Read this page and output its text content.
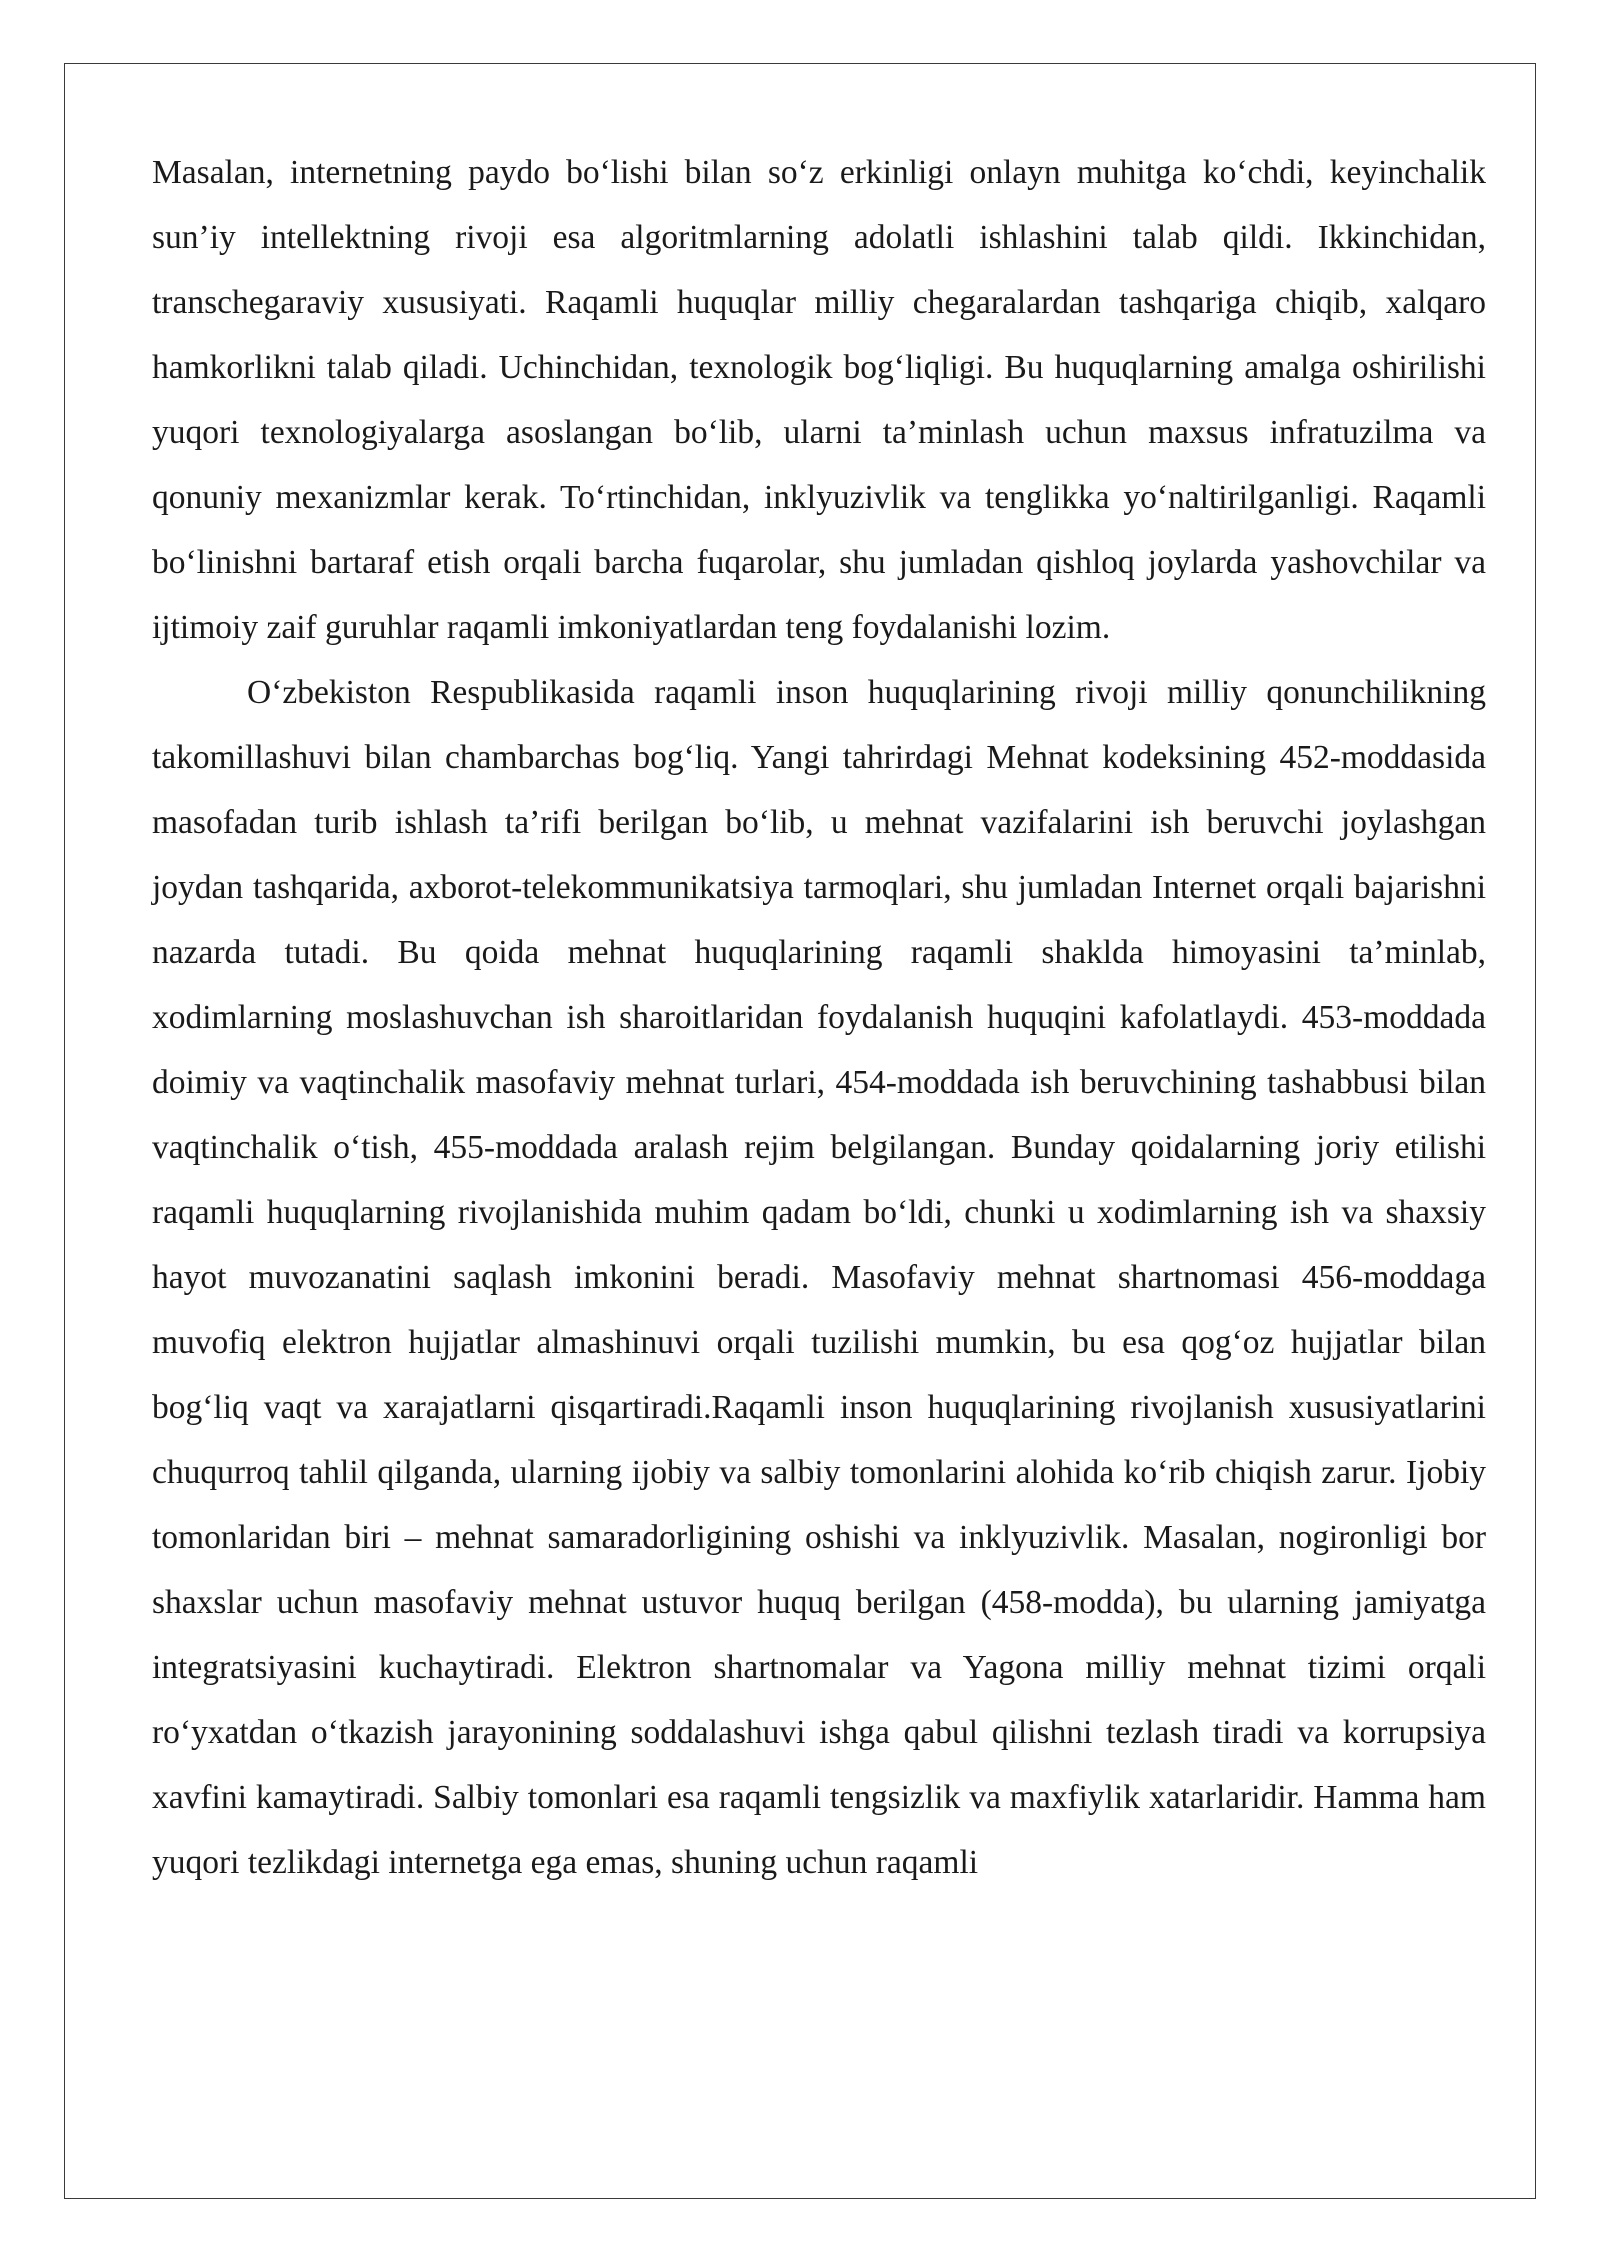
Masalan, internetning paydo bo‘lishi bilan so‘z erkinligi onlayn muhitga ko‘chdi, keyinchalik sun’iy intellektning rivoji esa algoritmlarning adolatli ishlashini talab qildi. Ikkinchidan, transchegaraviy xususiyati. Raqamli huquqlar milliy chegaralardan tashqariga chiqib, xalqaro hamkorlikni talab qiladi. Uchinchidan, texnologik bog‘liqligi. Bu huquqlarning amalga oshirilishi yuqori texnologiyalarga asoslangan bo‘lib, ularni ta’minlash uchun maxsus infratuzilma va qonuniy mexanizmlar kerak. To‘rtinchidan, inklyuzivlik va tenglikka yo‘naltirilganligi. Raqamli bo‘linishni bartaraf etish orqali barcha fuqarolar, shu jumladan qishloq joylarda yashovchilar va ijtimoiy zaif guruhlar raqamli imkoniyatlardan teng foydalanishi lozim.

O‘zbekiston Respublikasida raqamli inson huquqlarining rivoji milliy qonunchilikning takomillashuvi bilan chambarchas bog‘liq. Yangi tahrirdagi Mehnat kodeksining 452-moddasida masofadan turib ishlash ta’rifi berilgan bo‘lib, u mehnat vazifalarini ish beruvchi joylashgan joydan tashqarida, axborot-telekommunikatsiya tarmoqlari, shu jumladan Internet orqali bajarishni nazarda tutadi. Bu qoida mehnat huquqlarining raqamli shaklda himoyasini ta’minlab, xodimlarning moslashuvchan ish sharoitlaridan foydalanish huquqini kafolatlaydi. 453-moddada doimiy va vaqtinchalik masofaviy mehnat turlari, 454-moddada ish beruvchining tashabbusi bilan vaqtinchalik o‘tish, 455-moddada aralash rejim belgilangan. Bunday qoidalarning joriy etilishi raqamli huquqlarning rivojlanishida muhim qadam bo‘ldi, chunki u xodimlarning ish va shaxsiy hayot muvozanatini saqlash imkonini beradi. Masofaviy mehnat shartnomasi 456-moddaga muvofiq elektron hujjatlar almashinuvi orqali tuzilishi mumkin, bu esa qog‘oz hujjatlar bilan bog‘liq vaqt va xarajatlarni qisqartiradi.Raqamli inson huquqlarining rivojlanish xususiyatlarini chuqurroq tahlil qilganda, ularning ijobiy va salbiy tomonlarini alohida ko‘rib chiqish zarur. Ijobiy tomonlaridan biri – mehnat samaradorligining oshishi va inklyuzivlik. Masalan, nogironligi bor shaxslar uchun masofaviy mehnat ustuvor huquq berilgan (458-modda), bu ularning jamiyatga integratsiyasini kuchaytiradi. Elektron shartnomalar va Yagona milliy mehnat tizimi orqali ro‘yxatdan o‘tkazish jarayonining soddalashuvi ishga qabul qilishni tezlash tiradi va korrupsiya xavfini kamaytiradi. Salbiy tomonlari esa raqamli tengsizlik va maxfiylik xatarlaridir. Hamma ham yuqori tezlikdagi internetga ega emas, shuning uchun raqamli
